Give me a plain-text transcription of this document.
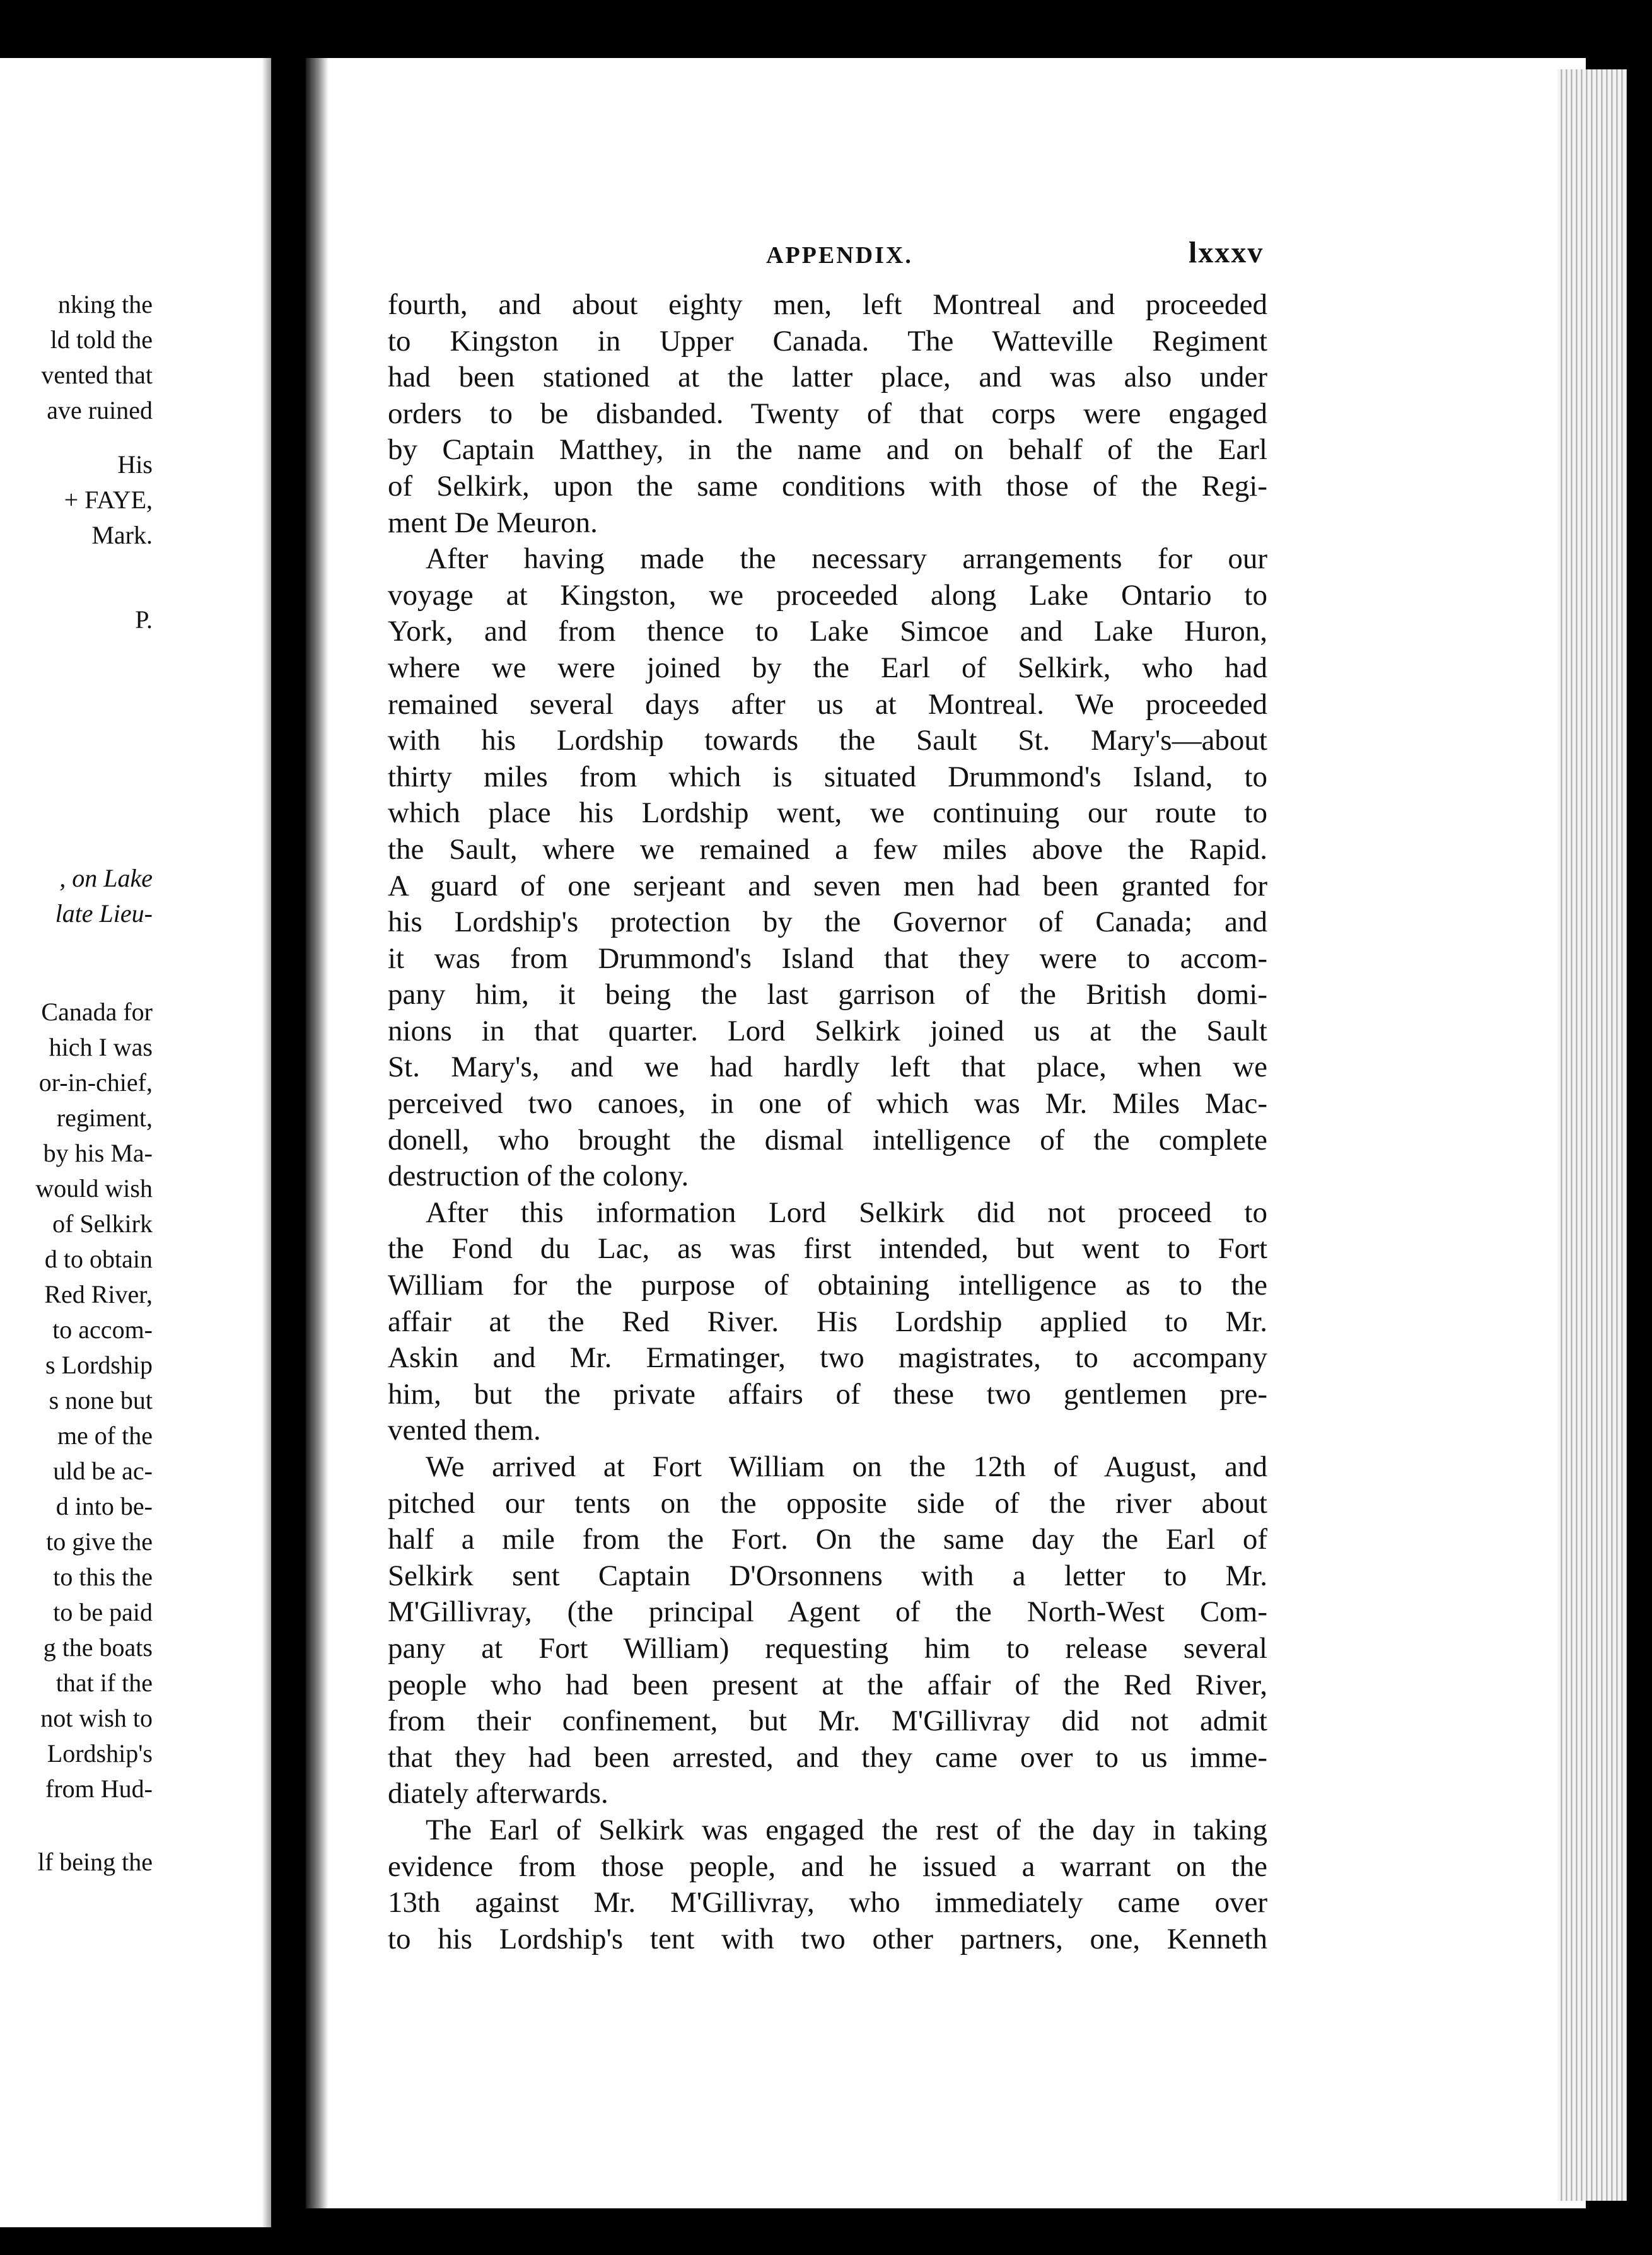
nking the
ld told the
vented that
ave ruined
His
+ FAYE,
Mark.
P.
, on Lake
late Lieu-
Canada for
hich I was
or-in-chief,
regiment,
by his Ma-
would wish
of Selkirk
d to obtain
Red River,
to accom-
s Lordship
s none but
me of the
uld be ac-
d into be-
to give the
to this the
to be paid
g the boats
that if the
not wish to
Lordship's
from Hud-
lf being the
APPENDIX.	lxxxv
fourth, and about eighty men, left Montreal and proceeded
to Kingston in Upper Canada. The Watteville Regiment
had been stationed at the latter place, and was also under
orders to be disbanded. Twenty of that corps were engaged
by Captain Matthey, in the name and on behalf of the Earl
of Selkirk, upon the same conditions with those of the Regi-
ment De Meuron.
After having made the necessary arrangements for our
voyage at Kingston, we proceeded along Lake Ontario to
York, and from thence to Lake Simcoe and Lake Huron,
where we were joined by the Earl of Selkirk, who had
remained several days after us at Montreal. We proceeded
with his Lordship towards the Sault St. Mary's—about
thirty miles from which is situated Drummond's Island, to
which place his Lordship went, we continuing our route to
the Sault, where we remained a few miles above the Rapid.
A guard of one serjeant and seven men had been granted for
his Lordship's protection by the Governor of Canada; and
it was from Drummond's Island that they were to accom-
pany him, it being the last garrison of the British domi-
nions in that quarter. Lord Selkirk joined us at the Sault
St. Mary's, and we had hardly left that place, when we
perceived two canoes, in one of which was Mr. Miles Mac-
donell, who brought the dismal intelligence of the complete
destruction of the colony.
After this information Lord Selkirk did not proceed to
the Fond du Lac, as was first intended, but went to Fort
William for the purpose of obtaining intelligence as to the
affair at the Red River. His Lordship applied to Mr.
Askin and Mr. Ermatinger, two magistrates, to accompany
him, but the private affairs of these two gentlemen pre-
vented them.
We arrived at Fort William on the 12th of August, and
pitched our tents on the opposite side of the river about
half a mile from the Fort. On the same day the Earl of
Selkirk sent Captain D'Orsonnens with a letter to Mr.
M'Gillivray, (the principal Agent of the North-West Com-
pany at Fort William) requesting him to release several
people who had been present at the affair of the Red River,
from their confinement, but Mr. M'Gillivray did not admit
that they had been arrested, and they came over to us imme-
diately afterwards.
The Earl of Selkirk was engaged the rest of the day in taking
evidence from those people, and he issued a warrant on the
13th against Mr. M'Gillivray, who immediately came over
to his Lordship's tent with two other partners, one, Kenneth
